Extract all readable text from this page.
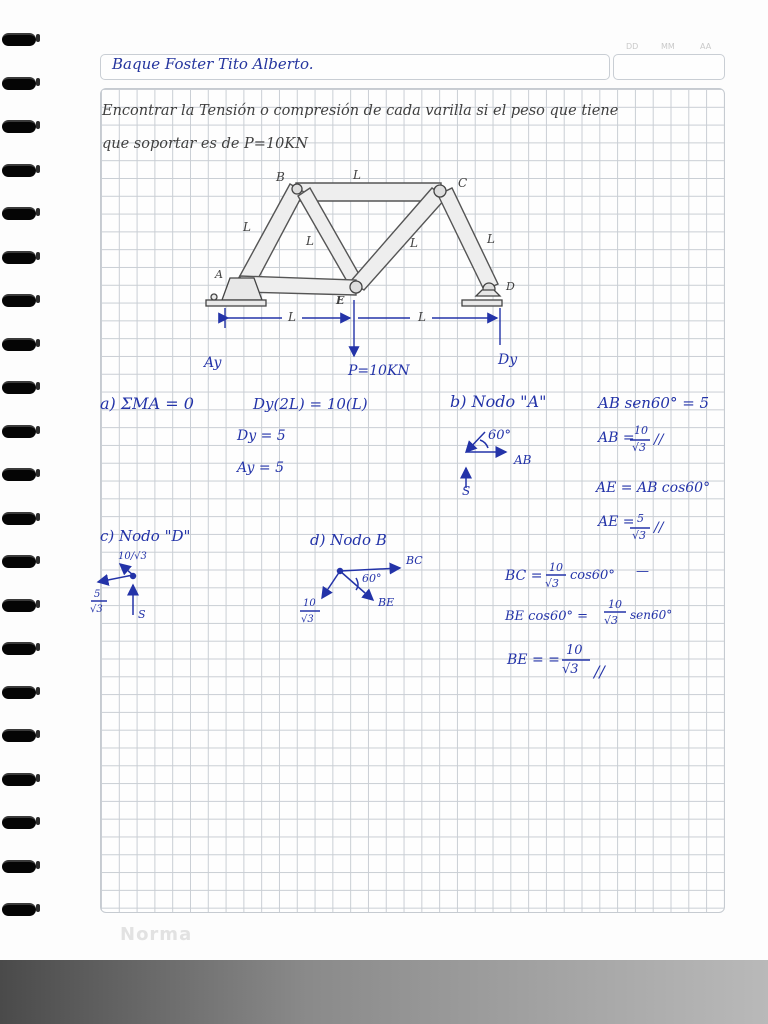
DD	MM	AA
Baque Foster Tito Alberto.
Encontrar la Tensión o compresión de cada varilla si el peso que tiene
que soportar es de P=10KN
B	L
C
L
L	L	L
A
D
E
L	L
Ay	Dy
P=10KN
a) ΣMA = 0	Dy(2L) = 10(L)
Dy = 5
Ay = 5
b) Nodo "A"
60°
AB
S
AB sen60° = 5
AB = 10
√3 //
AE = AB cos60°
AE = 5
√3 //
c) Nodo "D"
10/√3
5
√3	S
d) Nodo B
BC
60°
BE
10
√3
BC =
10
√3
cos60° —
BE cos60° =
10
√3 sen60°
BE = =
10
√3 //
Norma
